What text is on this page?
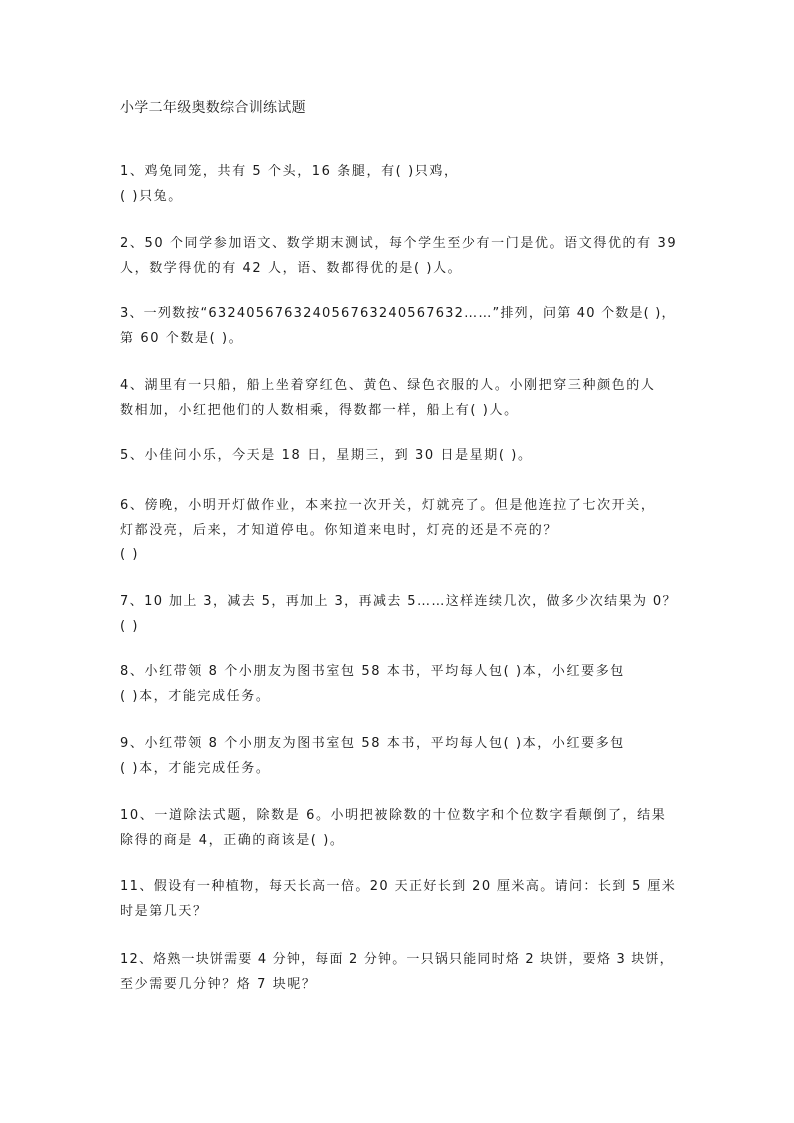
小学二年级奥数综合训练试题
1、鸡兔同笼，共有 5 个头，16 条腿，有( )只鸡，
( )只兔。
2、50 个同学参加语文、数学期末测试，每个学生至少有一门是优。语文得优的有 39
人，数学得优的有 42 人，语、数都得优的是( )人。
3、一列数按“632405676324056763240567632……”排列，问第 40 个数是( )，
第 60 个数是( )。
4、湖里有一只船，船上坐着穿红色、黄色、绿色衣服的人。小刚把穿三种颜色的人
数相加，小红把他们的人数相乘，得数都一样，船上有( )人。
5、小佳问小乐，今天是 18 日，星期三，到 30 日是星期( )。
6、傍晚，小明开灯做作业，本来拉一次开关，灯就亮了。但是他连拉了七次开关，
灯都没亮，后来，才知道停电。你知道来电时，灯亮的还是不亮的？
( )
7、10 加上 3，减去 5，再加上 3，再减去 5……这样连续几次，做多少次结果为 0？
( )
8、小红带领 8 个小朋友为图书室包 58 本书，平均每人包( )本，小红要多包
( )本，才能完成任务。
9、小红带领 8 个小朋友为图书室包 58 本书，平均每人包( )本，小红要多包
( )本，才能完成任务。
10、一道除法式题，除数是 6。小明把被除数的十位数字和个位数字看颠倒了，结果
除得的商是 4，正确的商该是( )。
11、假设有一种植物，每天长高一倍。20 天正好长到 20 厘米高。请问：长到 5 厘米
时是第几天？
12、烙熟一块饼需要 4 分钟，每面 2 分钟。一只锅只能同时烙 2 块饼，要烙 3 块饼，
至少需要几分钟？烙 7 块呢？
